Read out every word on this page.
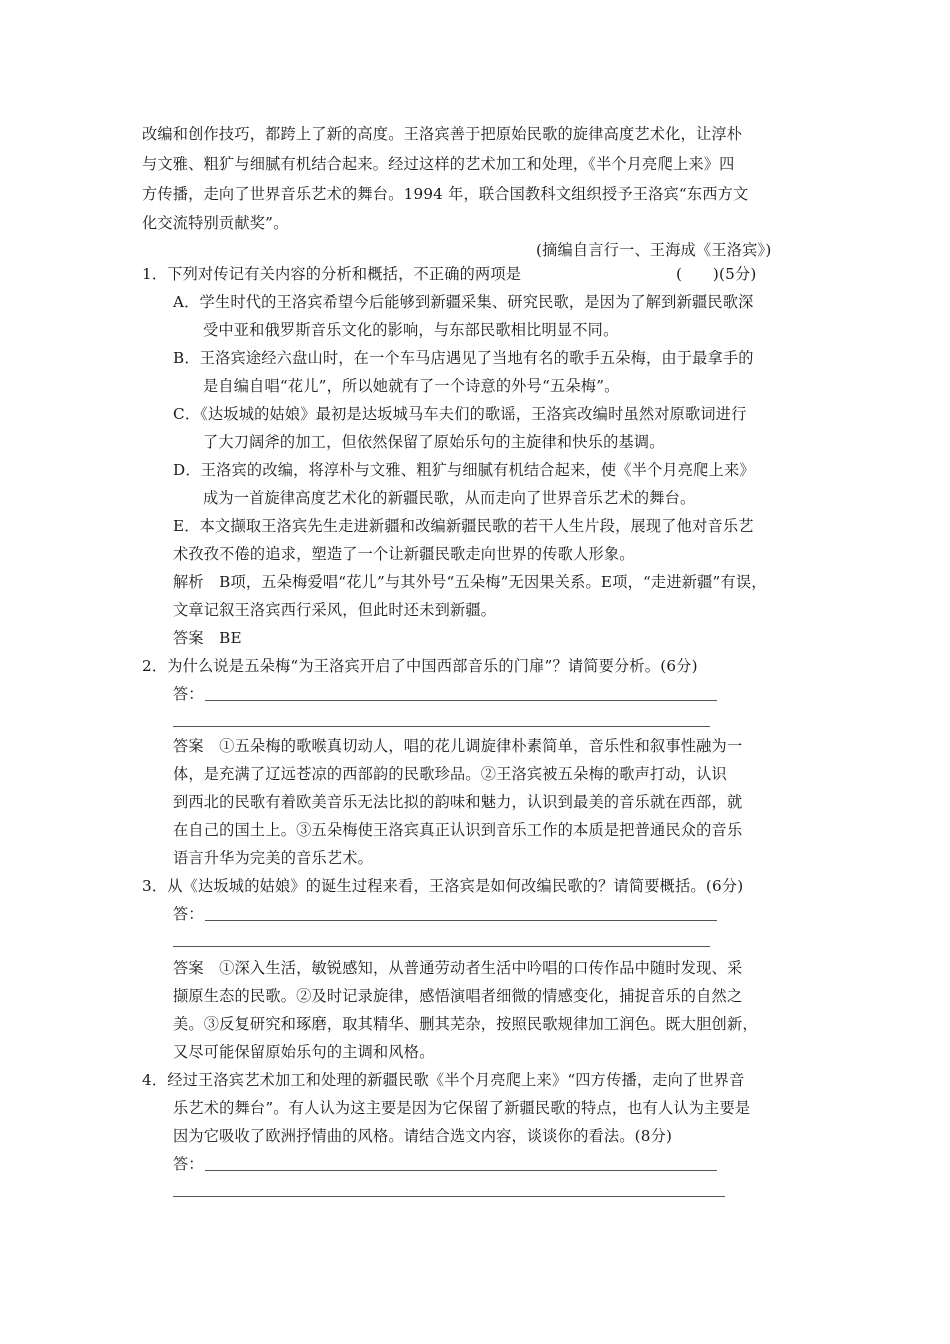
改编和创作技巧，都跨上了新的高度。王洛宾善于把原始民歌的旋律高度艺术化，让淳朴
与文雅、粗犷与细腻有机结合起来。经过这样的艺术加工和处理，《半个月亮爬上来》四
方传播，走向了世界音乐艺术的舞台。1994 年，联合国教科文组织授予王洛宾“东西方文
化交流特别贡献奖”。
(摘编自言行一、王海成《王洛宾》)
1．下列对传记有关内容的分析和概括，不正确的两项是	(　　)(5分)
A．学生时代的王洛宾希望今后能够到新疆采集、研究民歌，是因为了解到新疆民歌深
受中亚和俄罗斯音乐文化的影响，与东部民歌相比明显不同。
B．王洛宾途经六盘山时，在一个车马店遇见了当地有名的歌手五朵梅，由于最拿手的
是自编自唱“花儿”，所以她就有了一个诗意的外号“五朵梅”。
C．《达坂城的姑娘》最初是达坂城马车夫们的歌谣，王洛宾改编时虽然对原歌词进行
了大刀阔斧的加工，但依然保留了原始乐句的主旋律和快乐的基调。
D．王洛宾的改编，将淳朴与文雅、粗犷与细腻有机结合起来，使《半个月亮爬上来》
成为一首旋律高度艺术化的新疆民歌，从而走向了世界音乐艺术的舞台。
E．本文撷取王洛宾先生走进新疆和改编新疆民歌的若干人生片段，展现了他对音乐艺
术孜孜不倦的追求，塑造了一个让新疆民歌走向世界的传歌人形象。
解析　B项，五朵梅爱唱“花儿”与其外号“五朵梅”无因果关系。E项，“走进新疆”有误，
文章记叙王洛宾西行采风，但此时还未到新疆。
答案　BE
2．为什么说是五朵梅“为王洛宾开启了中国西部音乐的门扉”？请简要分析。(6分)
答：
答案　①五朵梅的歌喉真切动人，唱的花儿调旋律朴素简单，音乐性和叙事性融为一
体，是充满了辽远苍凉的西部韵的民歌珍品。②王洛宾被五朵梅的歌声打动，认识
到西北的民歌有着欧美音乐无法比拟的韵味和魅力，认识到最美的音乐就在西部，就
在自己的国土上。③五朵梅使王洛宾真正认识到音乐工作的本质是把普通民众的音乐
语言升华为完美的音乐艺术。
3．从《达坂城的姑娘》的诞生过程来看，王洛宾是如何改编民歌的？请简要概括。(6分)
答：
答案　①深入生活，敏锐感知，从普通劳动者生活中吟唱的口传作品中随时发现、采
撷原生态的民歌。②及时记录旋律，感悟演唱者细微的情感变化，捕捉音乐的自然之
美。③反复研究和琢磨，取其精华、删其芜杂，按照民歌规律加工润色。既大胆创新，
又尽可能保留原始乐句的主调和风格。
4．经过王洛宾艺术加工和处理的新疆民歌《半个月亮爬上来》“四方传播，走向了世界音
乐艺术的舞台”。有人认为这主要是因为它保留了新疆民歌的特点，也有人认为主要是
因为它吸收了欧洲抒情曲的风格。请结合选文内容，谈谈你的看法。(8分)
答：
